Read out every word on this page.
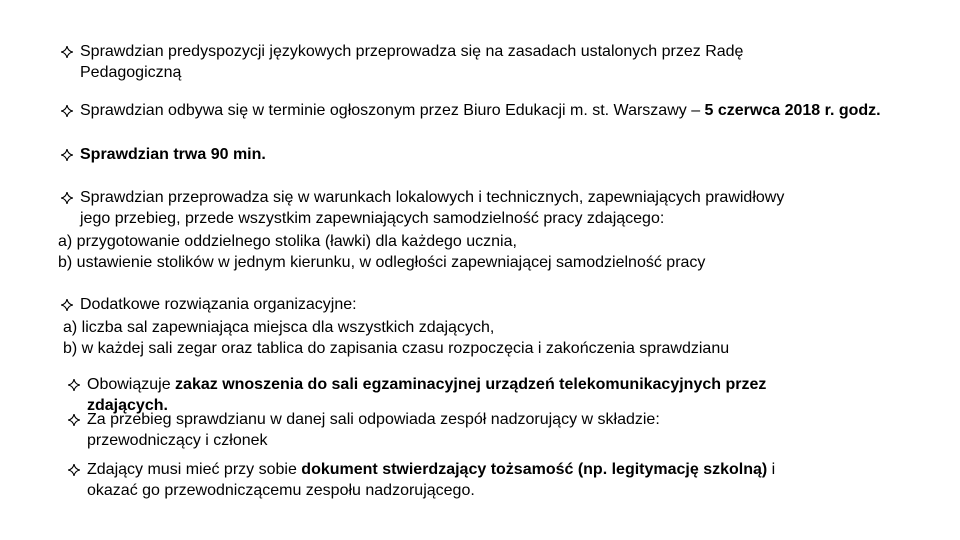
Sprawdzian predyspozycji językowych przeprowadza się na zasadach ustalonych przez Radę
Pedagogiczną
Sprawdzian odbywa się w terminie ogłoszonym przez Biuro Edukacji m. st. Warszawy – 5 czerwca 2018 r. godz.
Sprawdzian trwa 90 min.
Sprawdzian przeprowadza się w warunkach lokalowych i technicznych, zapewniających prawidłowy
jego przebieg, przede wszystkim zapewniających samodzielność pracy zdającego:
a) przygotowanie oddzielnego stolika (ławki) dla każdego ucznia,
b) ustawienie stolików w jednym kierunku, w odległości zapewniającej samodzielność pracy
Dodatkowe rozwiązania organizacyjne:
a) liczba sal zapewniająca miejsca dla wszystkich zdających,
b) w każdej sali zegar oraz tablica do zapisania czasu rozpoczęcia i zakończenia sprawdzianu
Obowiązuje zakaz wnoszenia do sali egzaminacyjnej urządzeń telekomunikacyjnych przez
zdających.
Za przebieg sprawdzianu w danej sali odpowiada zespół nadzorujący w składzie:
przewodniczący i członek
Zdający musi mieć przy sobie dokument stwierdzający tożsamość (np. legitymację szkolną) i
okazać go przewodniczącemu zespołu nadzorującego.
